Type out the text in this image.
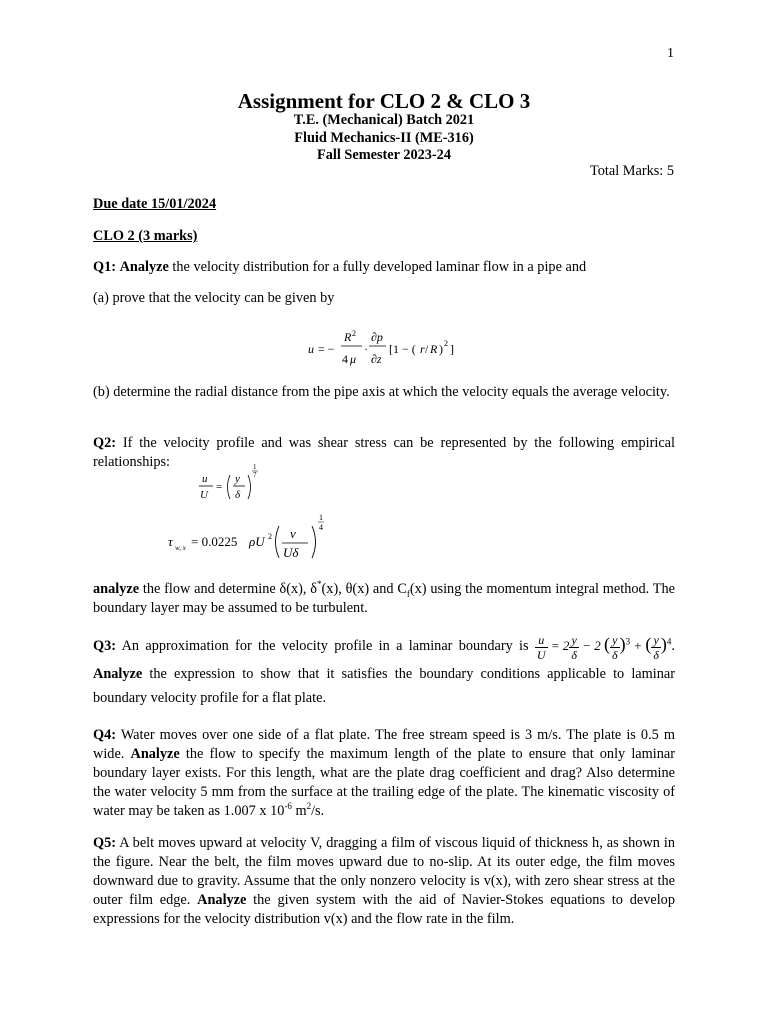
1
Assignment for CLO 2 & CLO 3
T.E. (Mechanical) Batch 2021
Fluid Mechanics-II (ME-316)
Fall Semester 2023-24
Total Marks: 5
Due date 15/01/2024
CLO 2 (3 marks)
Q1: Analyze the velocity distribution for a fully developed laminar flow in a pipe and
(a) prove that the velocity can be given by
u = −
R 2
4 μ
·
∂p
∂z
[1 − ( r / R ) 2 ]
(b) determine the radial distance from the pipe axis at which the velocity equals the average velocity.
Q2: If the velocity profile and was shear stress can be represented by the following empirical relationships:
u
U
=
y
δ
1
7
τ w, x = 0.0225 ρU 2 ν
Uδ
1
4
analyze the flow and determine δ(x), δ*(x), θ(x) and $C_f(x)$ using the momentum integral method. The boundary layer may be assumed to be turbulent.
Q3: An approximation for the velocity profile in a laminar boundary is $\frac{u}{U} = 2 \frac{y}{\delta} - 2$ ( $\frac{y}{\delta} )^3$ + ( $\frac{y}{\delta} )^4$. Analyze the expression to show that it satisfies the boundary conditions applicable to laminar boundary velocity profile for a flat plate.
Q4: Water moves over one side of a flat plate. The free stream speed is 3 m/s. The plate is 0.5 m wide. Analyze the flow to specify the maximum length of the plate to ensure that only laminar boundary layer exists. For this length, what are the plate drag coefficient and drag? Also determine the water velocity 5 mm from the surface at the trailing edge of the plate. The kinematic viscosity of water may be taken as 1.007 x $10^{-6}$ $m^2/s$.
Q5: A belt moves upward at velocity V, dragging a film of viscous liquid of thickness h, as shown in the figure. Near the belt, the film moves upward due to no-slip. At its outer edge, the film moves downward due to gravity. Assume that the only nonzero velocity is v(x), with zero shear stress at the outer film edge. Analyze the given system with the aid of Navier-Stokes equations to develop expressions for the velocity distribution v(x) and the flow rate in the film.
